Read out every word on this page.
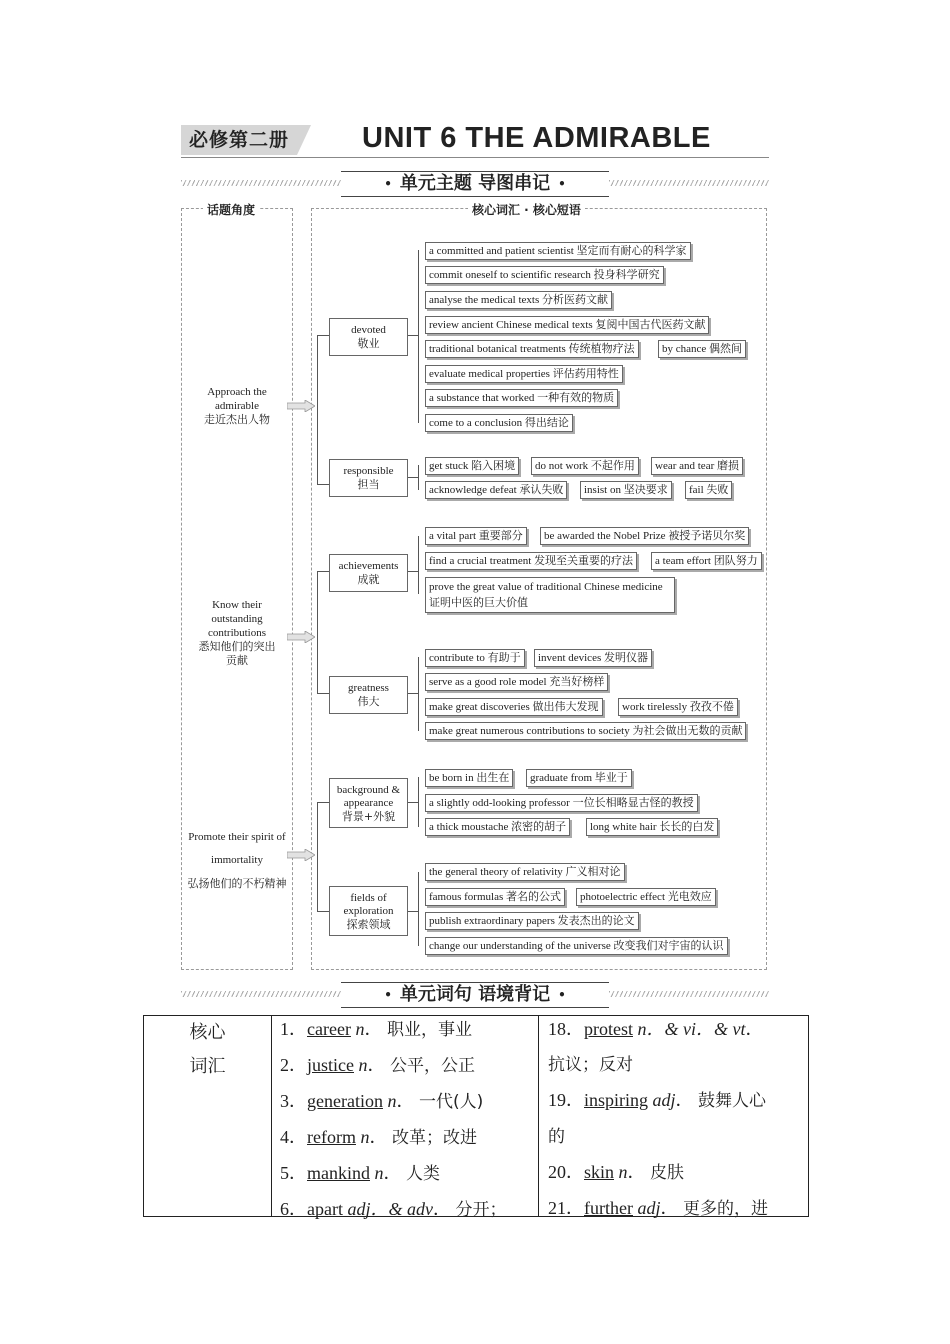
必修第二册	UNIT 6 THE ADMIRABLE
• 单元主题 导图串记 •
话题角度	核心词汇 · 核心短语
Approach the
admirable
走近杰出人物
Know their
outstanding
contributions
悉知他们的突出
贡献
Promote their spirit of
immortality
弘扬他们的不朽精神
devoted
敬业
responsible
担当
achievements
成就
greatness
伟大
background &
appearance
背景+外貌
fields of
exploration
探索领域
a committed and patient scientist 坚定而有耐心的科学家
commit oneself to scientific research 投身科学研究
analyse the medical texts 分析医药文献
review ancient Chinese medical texts 复阅中国古代医药文献
traditional botanical treatments 传统植物疗法	by chance 偶然间
evaluate medical properties 评估药用特性
a substance that worked 一种有效的物质
come to a conclusion 得出结论
get stuck 陷入困境	do not work 不起作用	wear and tear 磨损
acknowledge defeat 承认失败	insist on 坚决要求	fail 失败
a vital part 重要部分	be awarded the Nobel Prize 被授予诺贝尔奖
find a crucial treatment 发现至关重要的疗法	a team effort 团队努力
prove the great value of traditional Chinese medicine
证明中医的巨大价值
contribute to 有助于	invent devices 发明仪器
serve as a good role model 充当好榜样
make great discoveries 做出伟大发现	work tirelessly 孜孜不倦
make great numerous contributions to society 为社会做出无数的贡献
be born in 出生在	graduate from 毕业于
a slightly odd-looking professor 一位长相略显古怪的教授
a thick moustache 浓密的胡子	long white hair 长长的白发
the general theory of relativity 广义相对论
famous formulas 著名的公式	photoelectric effect 光电效应
publish extraordinary papers 发表杰出的论文
change our understanding of the universe 改变我们对宇宙的认识
• 单元词句 语境背记 •
核心
词汇
1．career n． 职业，事业
2．justice n． 公平，公正
3．generation n． 一代(人)
4．reform n． 改革；改进
5．mankind n． 人类
6．apart adj．& adv． 分开；
18．protest n．& vi．& vt．
抗议；反对
19．inspiring adj． 鼓舞人心
的
20．skin n． 皮肤
21．further adj． 更多的，进
